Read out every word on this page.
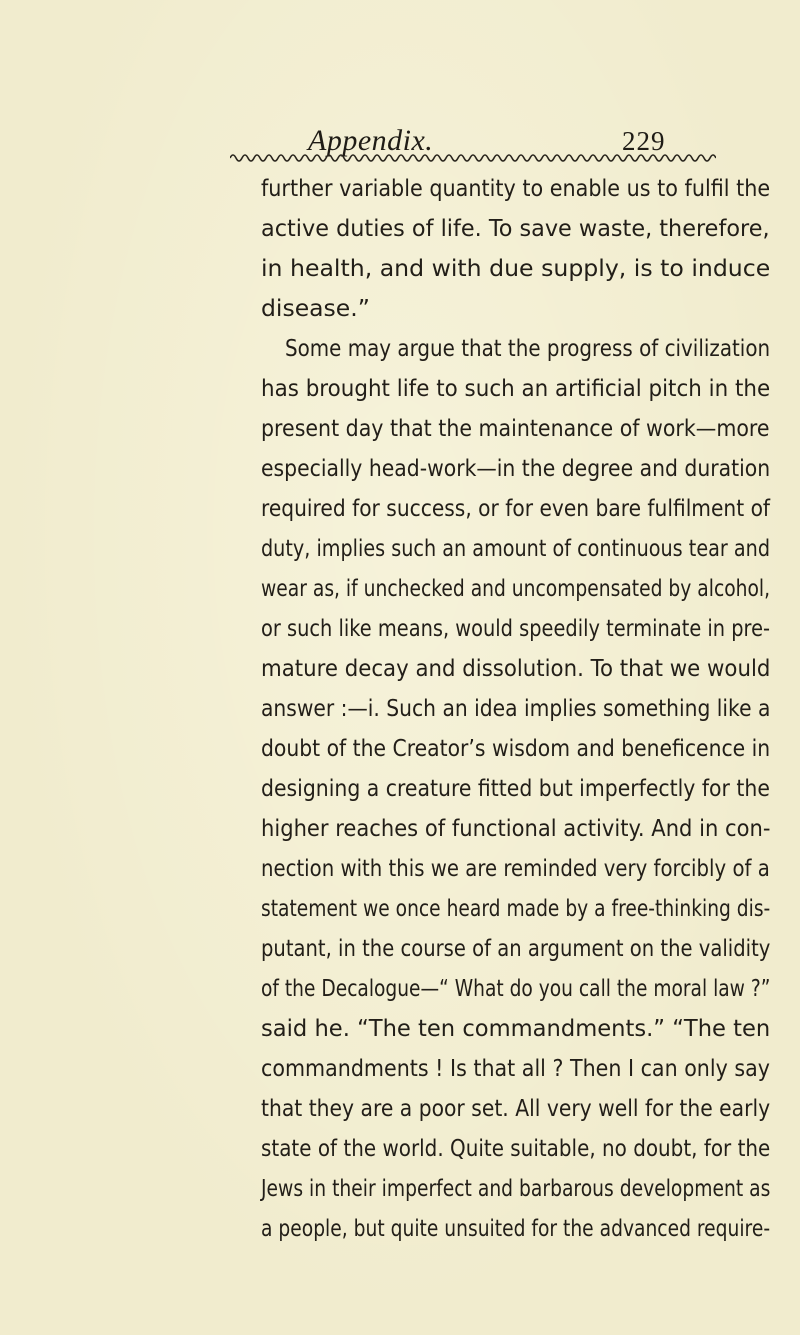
Appendix.	229
further variable quantity to enable us to fulfil the
active duties of life. To save waste, therefore,
in health, and with due supply, is to induce
disease.”
Some may argue that the progress of civilization
has brought life to such an artificial pitch in the
present day that the maintenance of work—more
especially head-work—in the degree and duration
required for success, or for even bare fulfilment of
duty, implies such an amount of continuous tear and
wear as, if unchecked and uncompensated by alcohol,
or such like means, would speedily terminate in pre-
mature decay and dissolution. To that we would
answer :—i. Such an idea implies something like a
doubt of the Creator’s wisdom and beneficence in
designing a creature fitted but imperfectly for the
higher reaches of functional activity. And in con-
nection with this we are reminded very forcibly of a
statement we once heard made by a free-thinking dis-
putant, in the course of an argument on the validity
of the Decalogue—“ What do you call the moral law ?”
said he. “The ten commandments.” “The ten
commandments ! Is that all ? Then I can only say
that they are a poor set. All very well for the early
state of the world. Quite suitable, no doubt, for the
Jews in their imperfect and barbarous development as
a people, but quite unsuited for the advanced require-
